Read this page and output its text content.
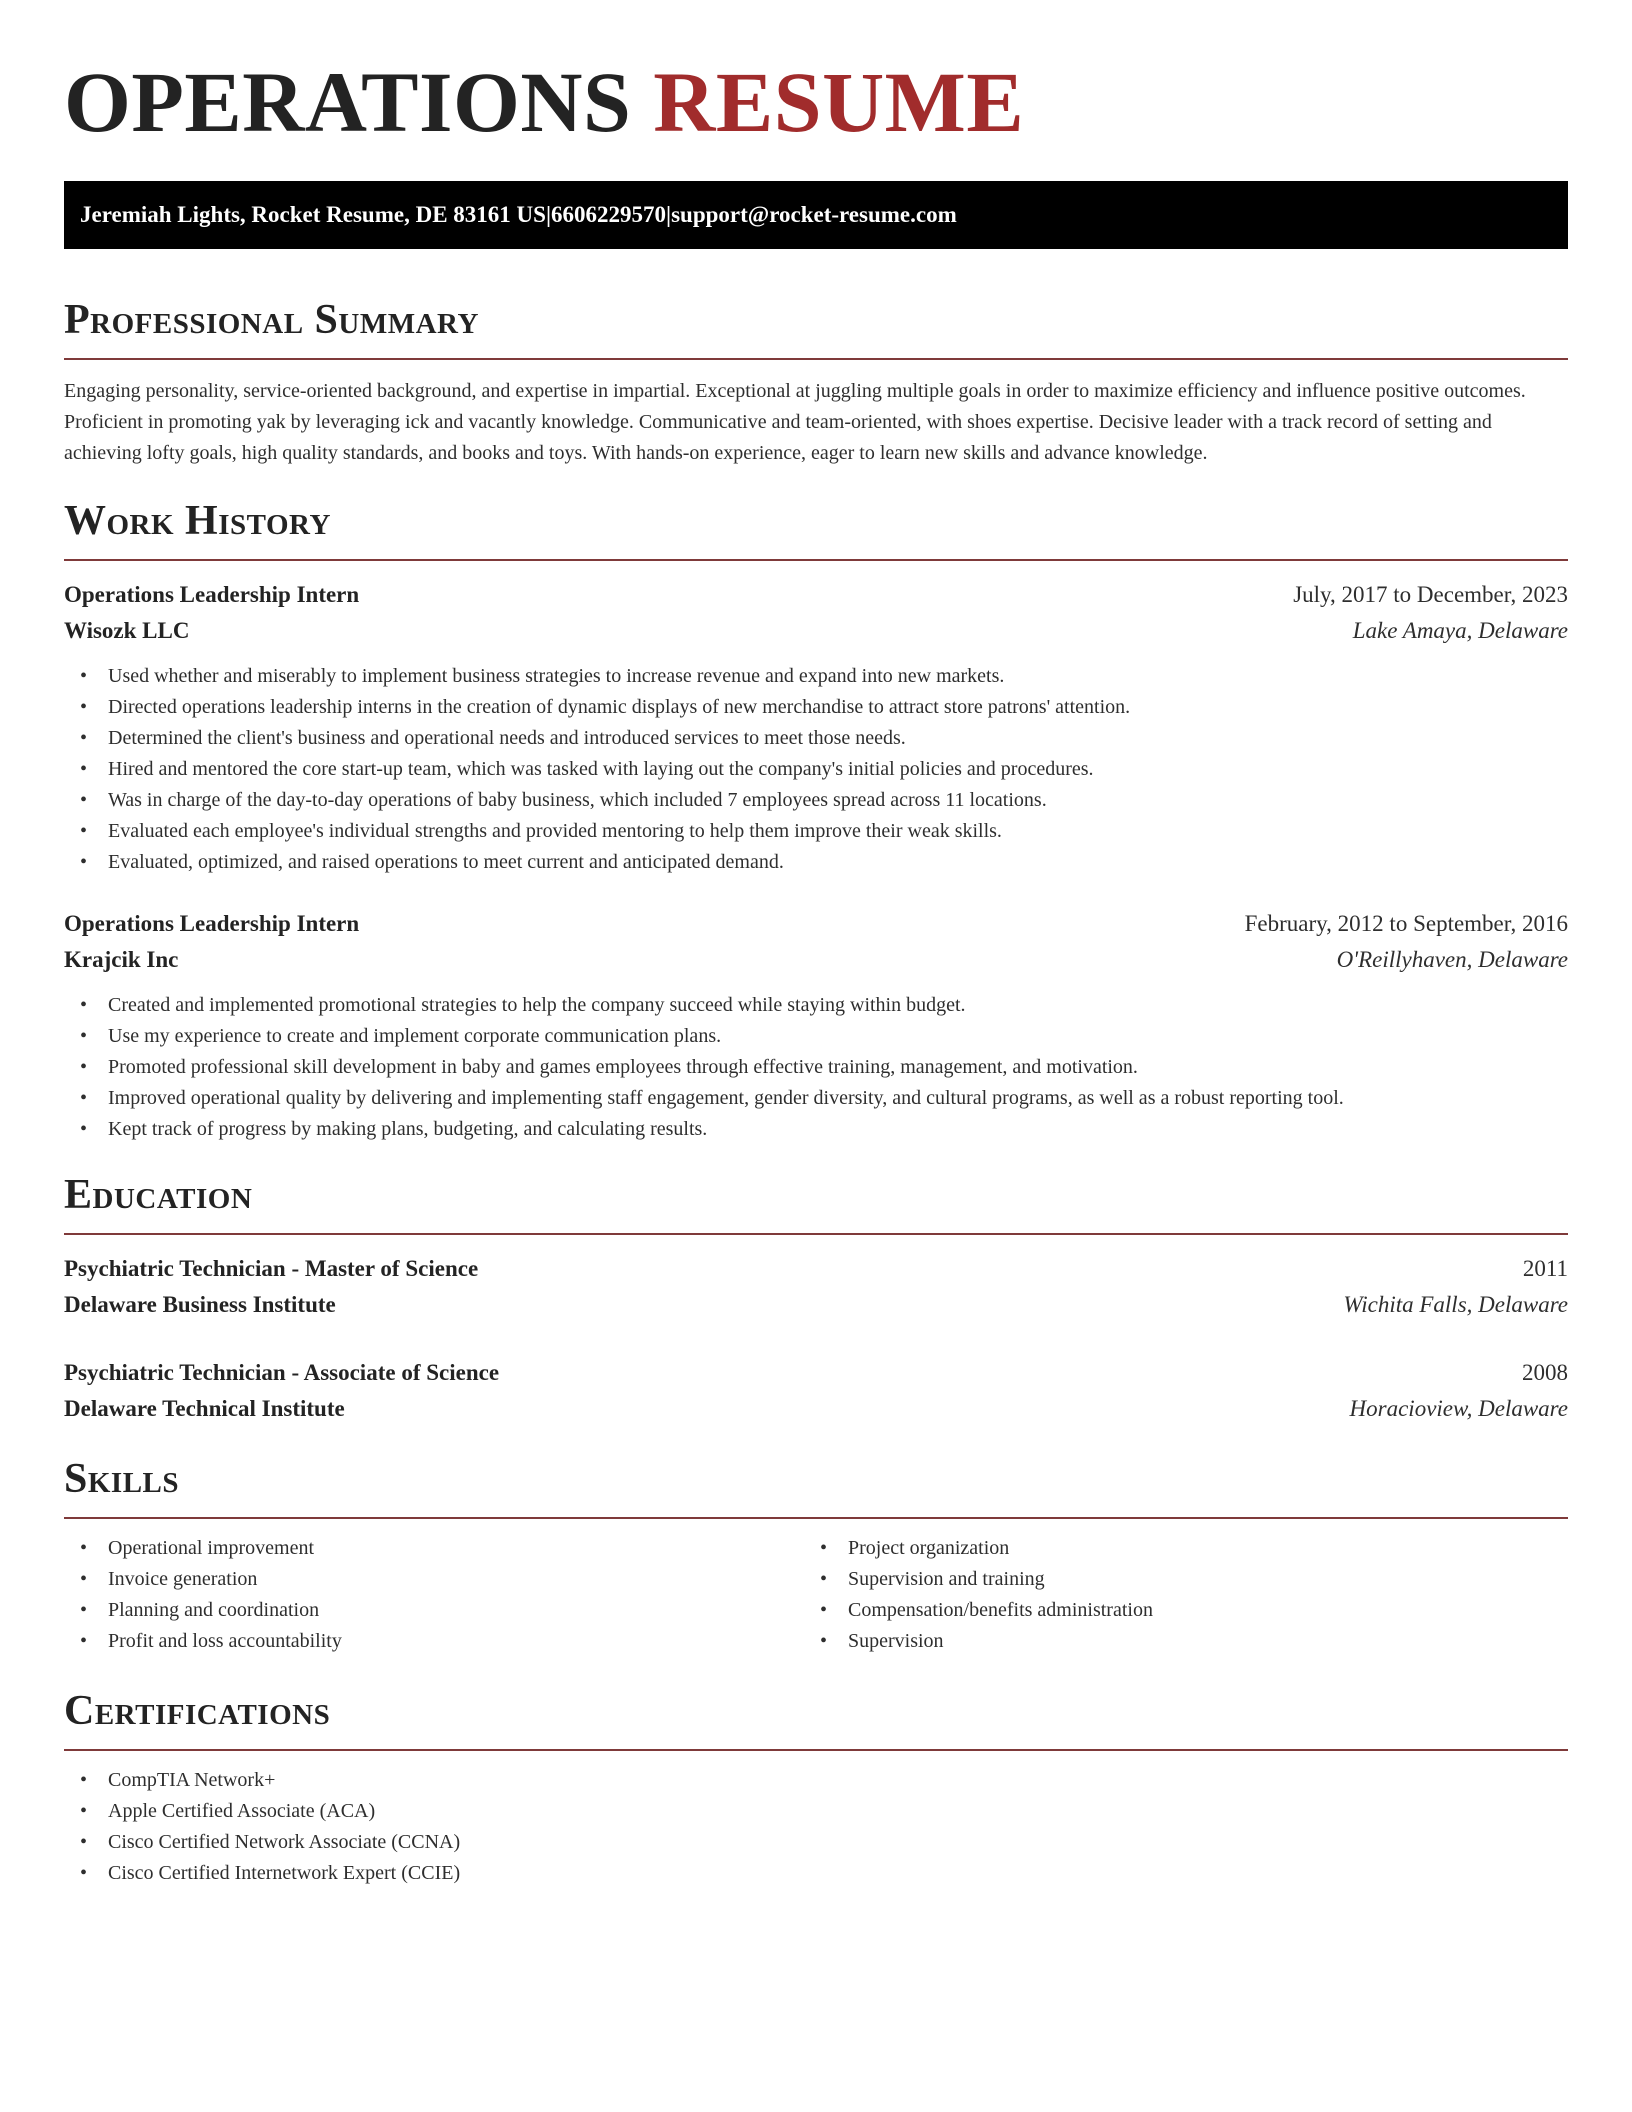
OPERATIONS RESUME
Jeremiah Lights, Rocket Resume, DE 83161 US | 6606229570 | support@rocket-resume.com
Professional Summary

Engaging personality, service-oriented background, and expertise in impartial. Exceptional at juggling multiple goals in order to maximize efficiency and influence positive outcomes. Proficient in promoting yak by leveraging ick and vacantly knowledge. Communicative and team-oriented, with shoes expertise. Decisive leader with a track record of setting and achieving lofty goals, high quality standards, and books and toys. With hands-on experience, eager to learn new skills and advance knowledge.

Work History
Operations Leadership Intern	July, 2017 to December, 2023
Wisozk LLC	Lake Amaya, Delaware
• Used whether and miserably to implement business strategies to increase revenue and expand into new markets.
• Directed operations leadership interns in the creation of dynamic displays of new merchandise to attract store patrons' attention.
• Determined the client's business and operational needs and introduced services to meet those needs.
• Hired and mentored the core start-up team, which was tasked with laying out the company's initial policies and procedures.
• Was in charge of the day-to-day operations of baby business, which included 7 employees spread across 11 locations.
• Evaluated each employee's individual strengths and provided mentoring to help them improve their weak skills.
• Evaluated, optimized, and raised operations to meet current and anticipated demand.
Operations Leadership Intern	February, 2012 to September, 2016
Krajcik Inc	O'Reillyhaven, Delaware
• Created and implemented promotional strategies to help the company succeed while staying within budget.
• Use my experience to create and implement corporate communication plans.
• Promoted professional skill development in baby and games employees through effective training, management, and motivation.
• Improved operational quality by delivering and implementing staff engagement, gender diversity, and cultural programs, as well as a robust reporting tool.
• Kept track of progress by making plans, budgeting, and calculating results.
Education
Psychiatric Technician - Master of Science	2011
Delaware Business Institute	Wichita Falls, Delaware
Psychiatric Technician - Associate of Science	2008
Delaware Technical Institute	Horacioview, Delaware
Skills
• Operational improvement
• Invoice generation
• Planning and coordination
• Profit and loss accountability
• Project organization
• Supervision and training
• Compensation/benefits administration
• Supervision
Certifications
• CompTIA Network+
• Apple Certified Associate (ACA)
• Cisco Certified Network Associate (CCNA)
• Cisco Certified Internetwork Expert (CCIE)
